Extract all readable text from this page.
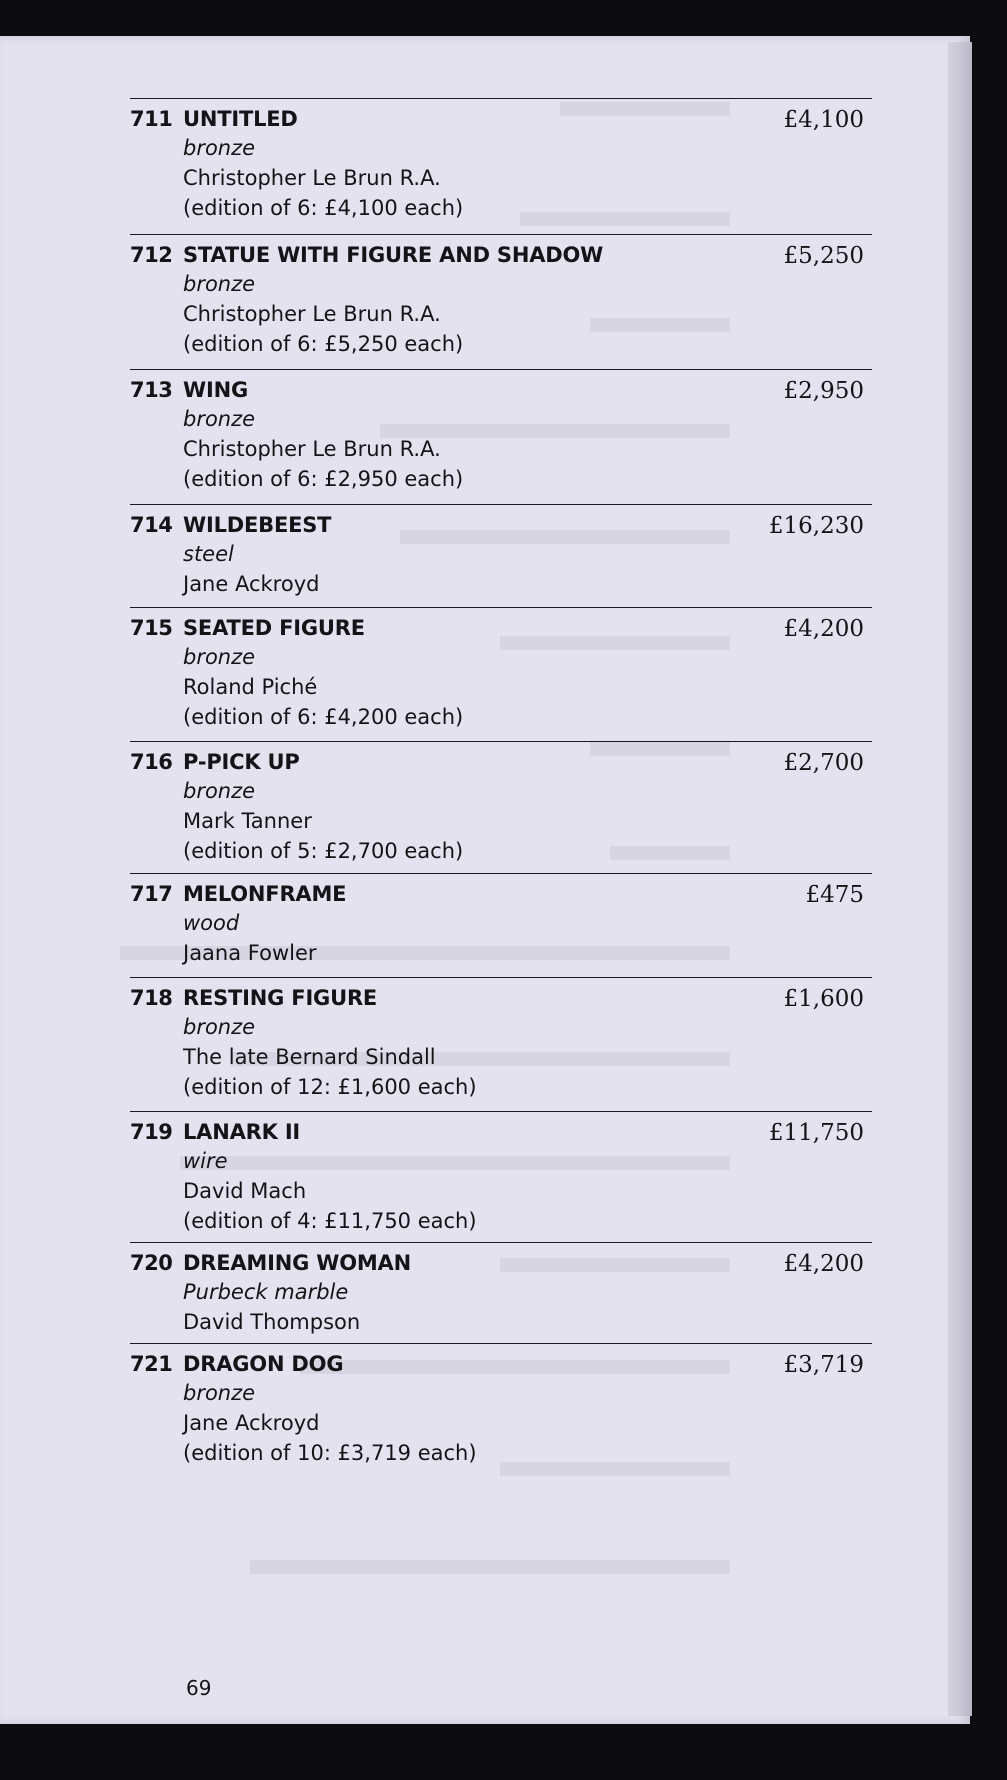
711 UNTITLED
bronze
Christopher Le Brun R.A.
(edition of 6: £4,100 each)
£4,100
712 STATUE WITH FIGURE AND SHADOW
bronze
Christopher Le Brun R.A.
(edition of 6: £5,250 each)
£5,250
713 WING
bronze
Christopher Le Brun R.A.
(edition of 6: £2,950 each)
£2,950
714 WILDEBEEST
steel
Jane Ackroyd
£16,230
715 SEATED FIGURE
bronze
Roland Piché
(edition of 6: £4,200 each)
£4,200
716 P-PICK UP
bronze
Mark Tanner
(edition of 5: £2,700 each)
£2,700
717 MELONFRAME
wood
Jaana Fowler
£475
718 RESTING FIGURE
bronze
The late Bernard Sindall
(edition of 12: £1,600 each)
£1,600
719 LANARK II
wire
David Mach
(edition of 4: £11,750 each)
£11,750
720 DREAMING WOMAN
Purbeck marble
David Thompson
£4,200
721 DRAGON DOG
bronze
Jane Ackroyd
(edition of 10: £3,719 each)
£3,719
69
